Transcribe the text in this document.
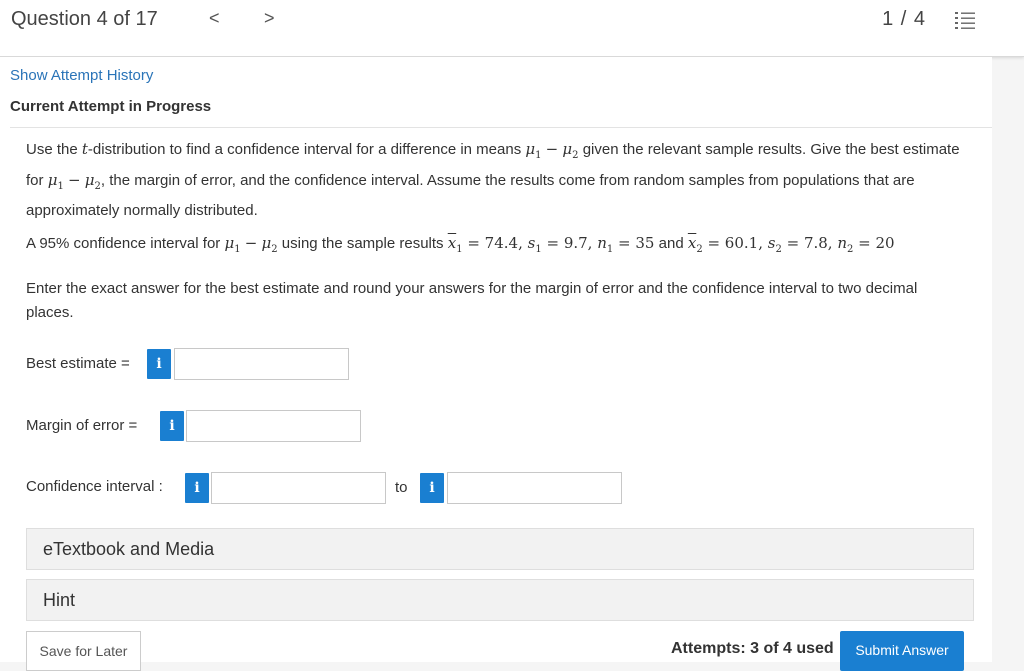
Question 4 of 17	< >	1 / 4
Show Attempt History
Current Attempt in Progress
Use the t-distribution to find a confidence interval for a difference in means $\mu_1 - \mu_2$ given the relevant sample results. Give the best estimate for $\mu_1 - \mu_2$, the margin of error, and the confidence interval. Assume the results come from random samples from populations that are approximately normally distributed.
A 95% confidence interval for $\mu_1 - \mu_2$ using the sample results $\overline{x}_1 = 74.4$, $s_1 = 9.7$, $n_1 = 35$ and $\overline{x}_2 = 60.1$, $s_2 = 7.8$, $n_2 = 20$
Enter the exact answer for the best estimate and round your answers for the margin of error and the confidence interval to two decimal places.
Best estimate =	i
Margin of error =	i
Confidence interval :	i	to	i
eTextbook and Media
Hint
Save for Later	Attempts: 3 of 4 used	Submit Answer
